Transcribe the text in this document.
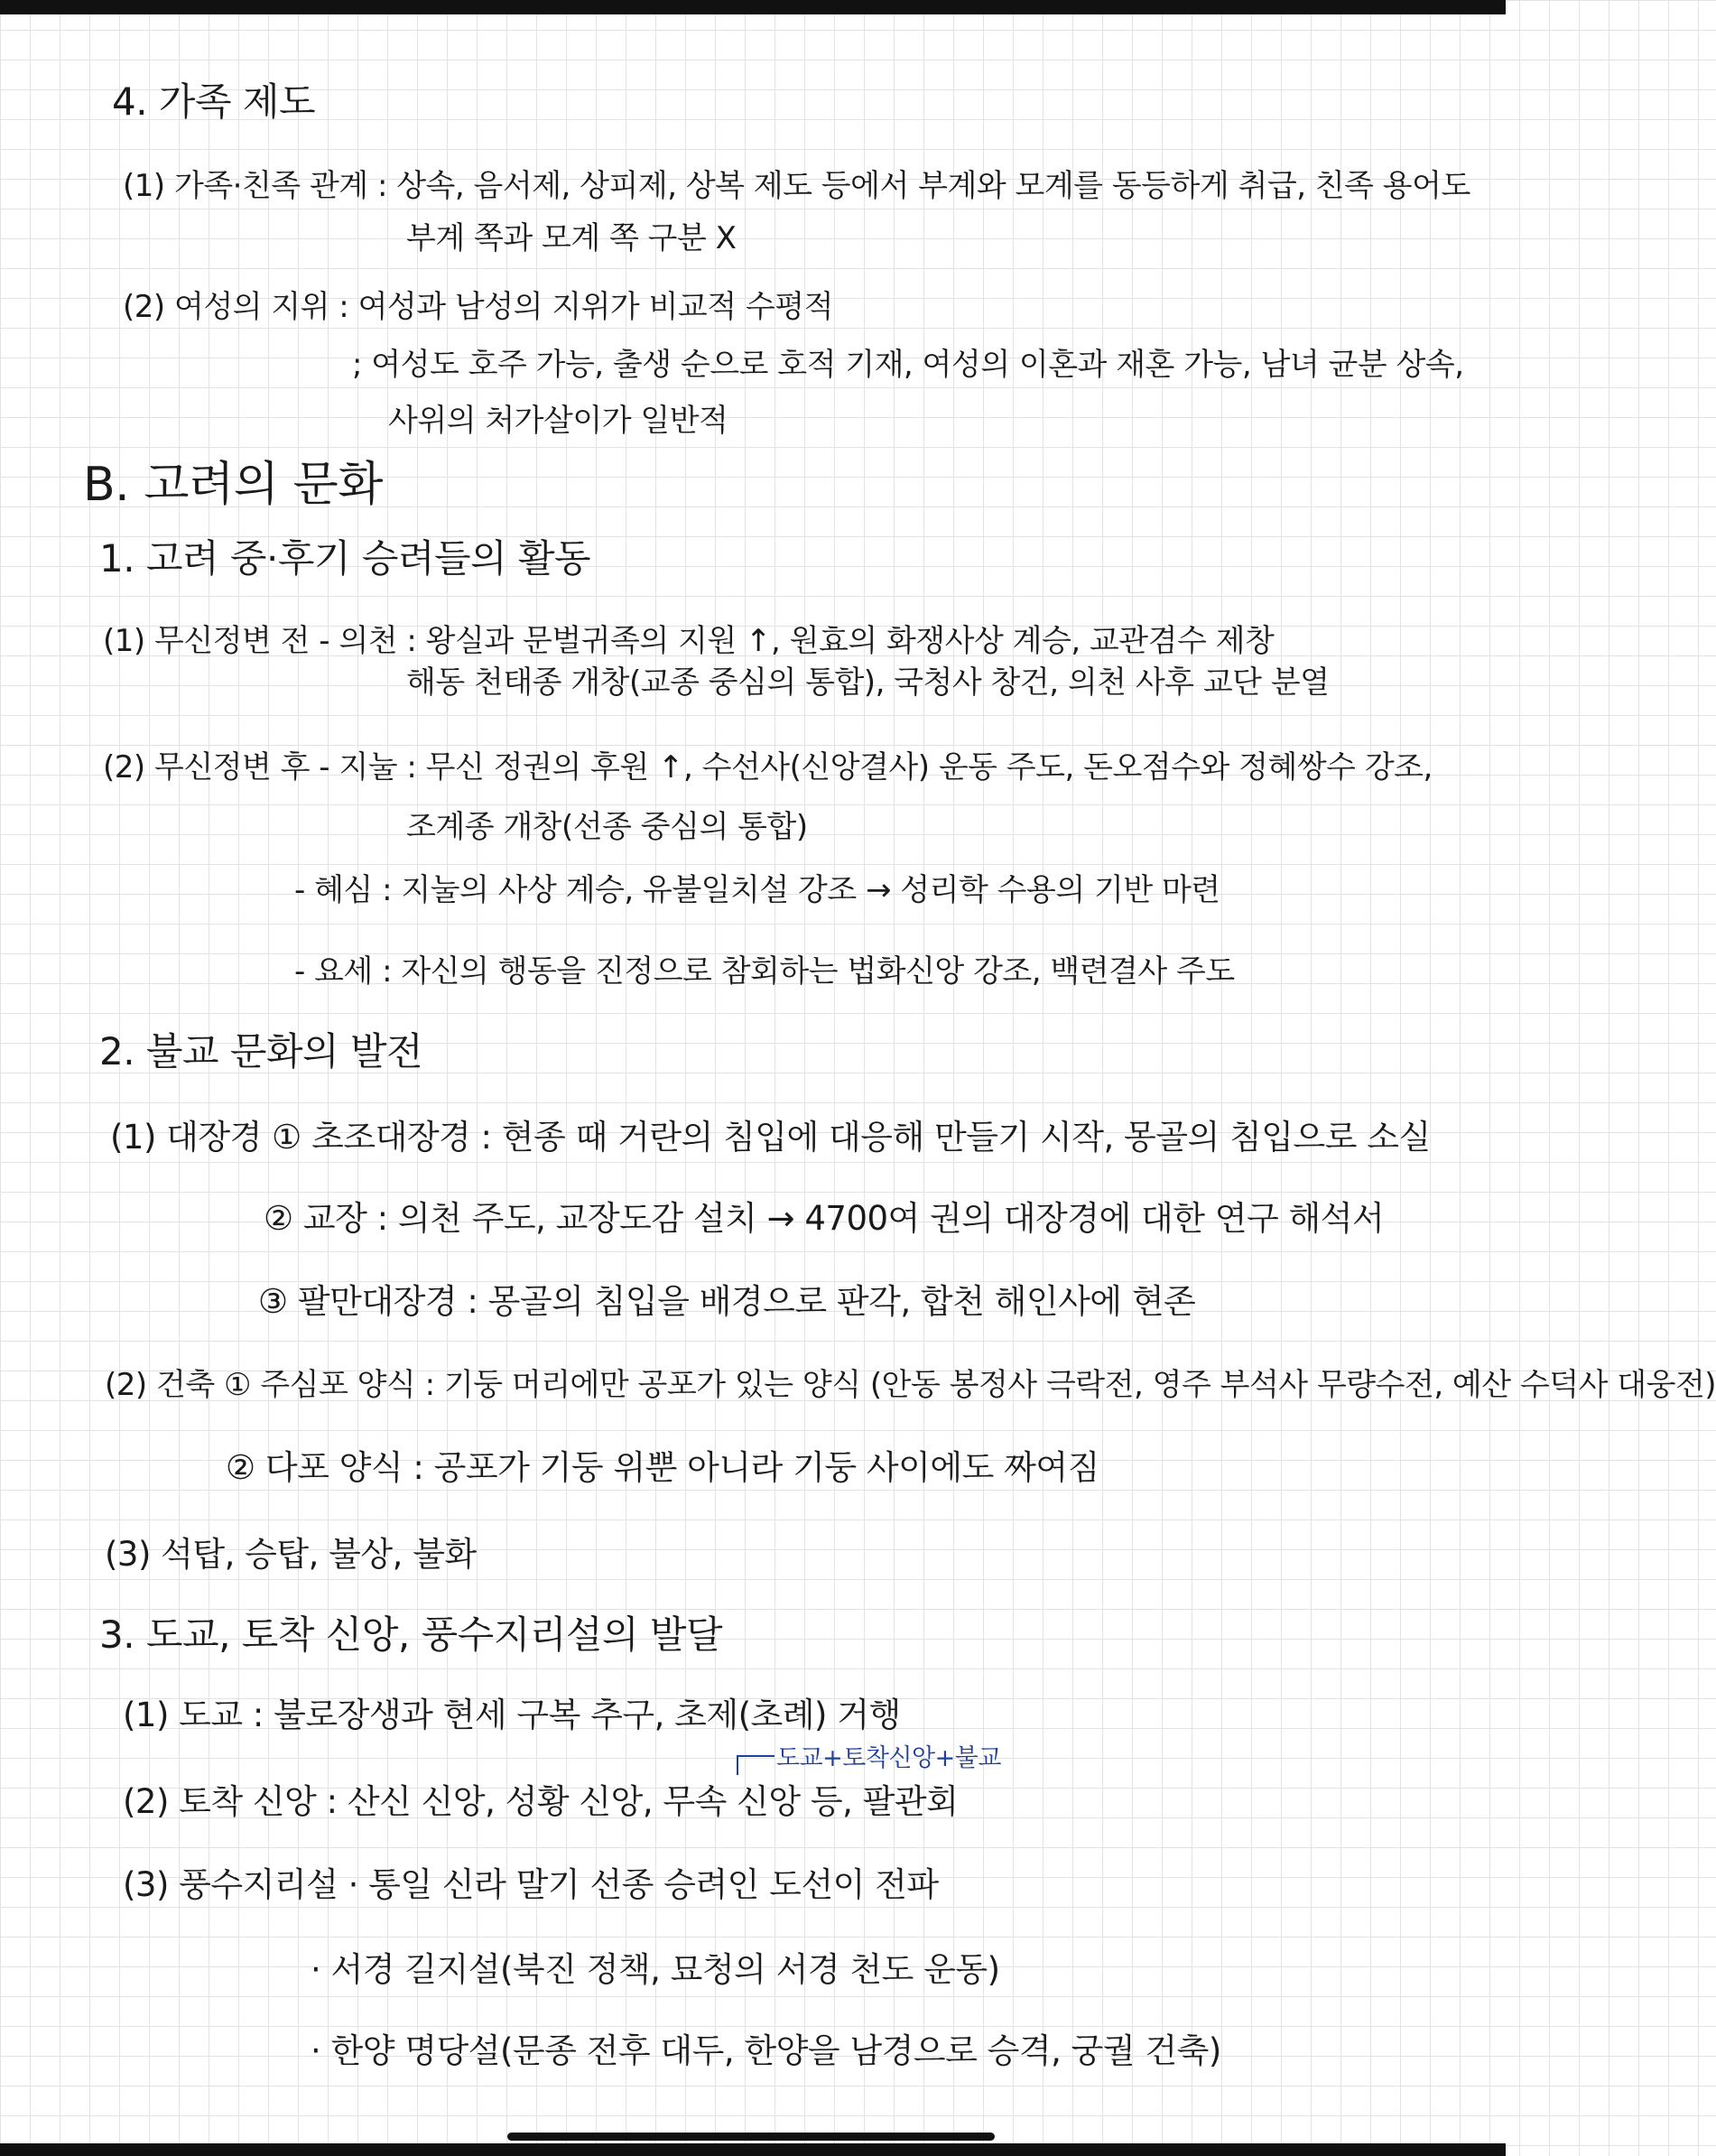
4. 가족 제도
(1) 가족·친족 관계 : 상속, 음서제, 상피제, 상복 제도 등에서 부계와 모계를 동등하게 취급, 친족 용어도
부계 쪽과 모계 쪽 구분 X
(2) 여성의 지위 : 여성과 남성의 지위가 비교적 수평적
; 여성도 호주 가능, 출생 순으로 호적 기재, 여성의 이혼과 재혼 가능, 남녀 균분 상속,
사위의 처가살이가 일반적
B. 고려의 문화
1. 고려 중·후기 승려들의 활동
(1) 무신정변 전 - 의천 : 왕실과 문벌귀족의 지원 ↑, 원효의 화쟁사상 계승, 교관겸수 제창
해동 천태종 개창(교종 중심의 통합), 국청사 창건, 의천 사후 교단 분열
(2) 무신정변 후 - 지눌 : 무신 정권의 후원 ↑, 수선사(신앙결사) 운동 주도, 돈오점수와 정혜쌍수 강조,
조계종 개창(선종 중심의 통합)
- 혜심 : 지눌의 사상 계승, 유불일치설 강조 → 성리학 수용의 기반 마련
- 요세 : 자신의 행동을 진정으로 참회하는 법화신앙 강조, 백련결사 주도
2. 불교 문화의 발전
(1) 대장경 ① 초조대장경 : 현종 때 거란의 침입에 대응해 만들기 시작, 몽골의 침입으로 소실
② 교장 : 의천 주도, 교장도감 설치 → 4700여 권의 대장경에 대한 연구 해석서
③ 팔만대장경 : 몽골의 침입을 배경으로 판각, 합천 해인사에 현존
(2) 건축 ① 주심포 양식 : 기둥 머리에만 공포가 있는 양식 (안동 봉정사 극락전, 영주 부석사 무량수전, 예산 수덕사 대웅전)
② 다포 양식 : 공포가 기둥 위뿐 아니라 기둥 사이에도 짜여짐
(3) 석탑, 승탑, 불상, 불화
3. 도교, 토착 신앙, 풍수지리설의 발달
(1) 도교 : 불로장생과 현세 구복 추구, 초제(초례) 거행
도교+토착신앙+불교
(2) 토착 신앙 : 산신 신앙, 성황 신앙, 무속 신앙 등, 팔관회
(3) 풍수지리설 · 통일 신라 말기 선종 승려인 도선이 전파
· 서경 길지설(북진 정책, 묘청의 서경 천도 운동)
· 한양 명당설(문종 전후 대두, 한양을 남경으로 승격, 궁궐 건축)
